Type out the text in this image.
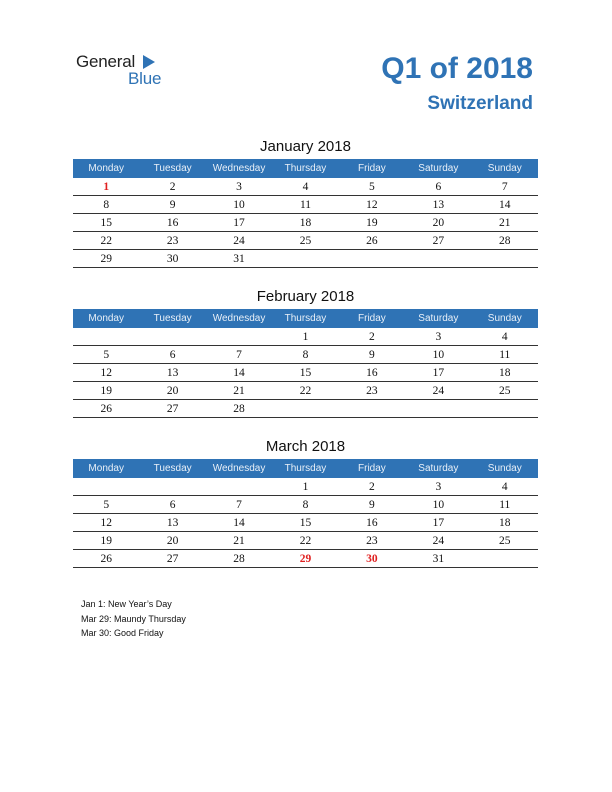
General
Blue	Q1 of 2018
Switzerland
January 2018
Monday	Tuesday	Wednesday	Thursday	Friday	Saturday	Sunday
1	2	3	4	5	6	7
8	9	10	11	12	13	14
15	16	17	18	19	20	21
22	23	24	25	26	27	28
29	30	31				
February 2018
Monday	Tuesday	Wednesday	Thursday	Friday	Saturday	Sunday
			1	2	3	4
5	6	7	8	9	10	11
12	13	14	15	16	17	18
19	20	21	22	23	24	25
26	27	28				
March 2018
Monday	Tuesday	Wednesday	Thursday	Friday	Saturday	Sunday
			1	2	3	4
5	6	7	8	9	10	11
12	13	14	15	16	17	18
19	20	21	22	23	24	25
26	27	28	29	30	31	
Jan 1: New Year’s Day
Mar 29: Maundy Thursday
Mar 30: Good Friday
